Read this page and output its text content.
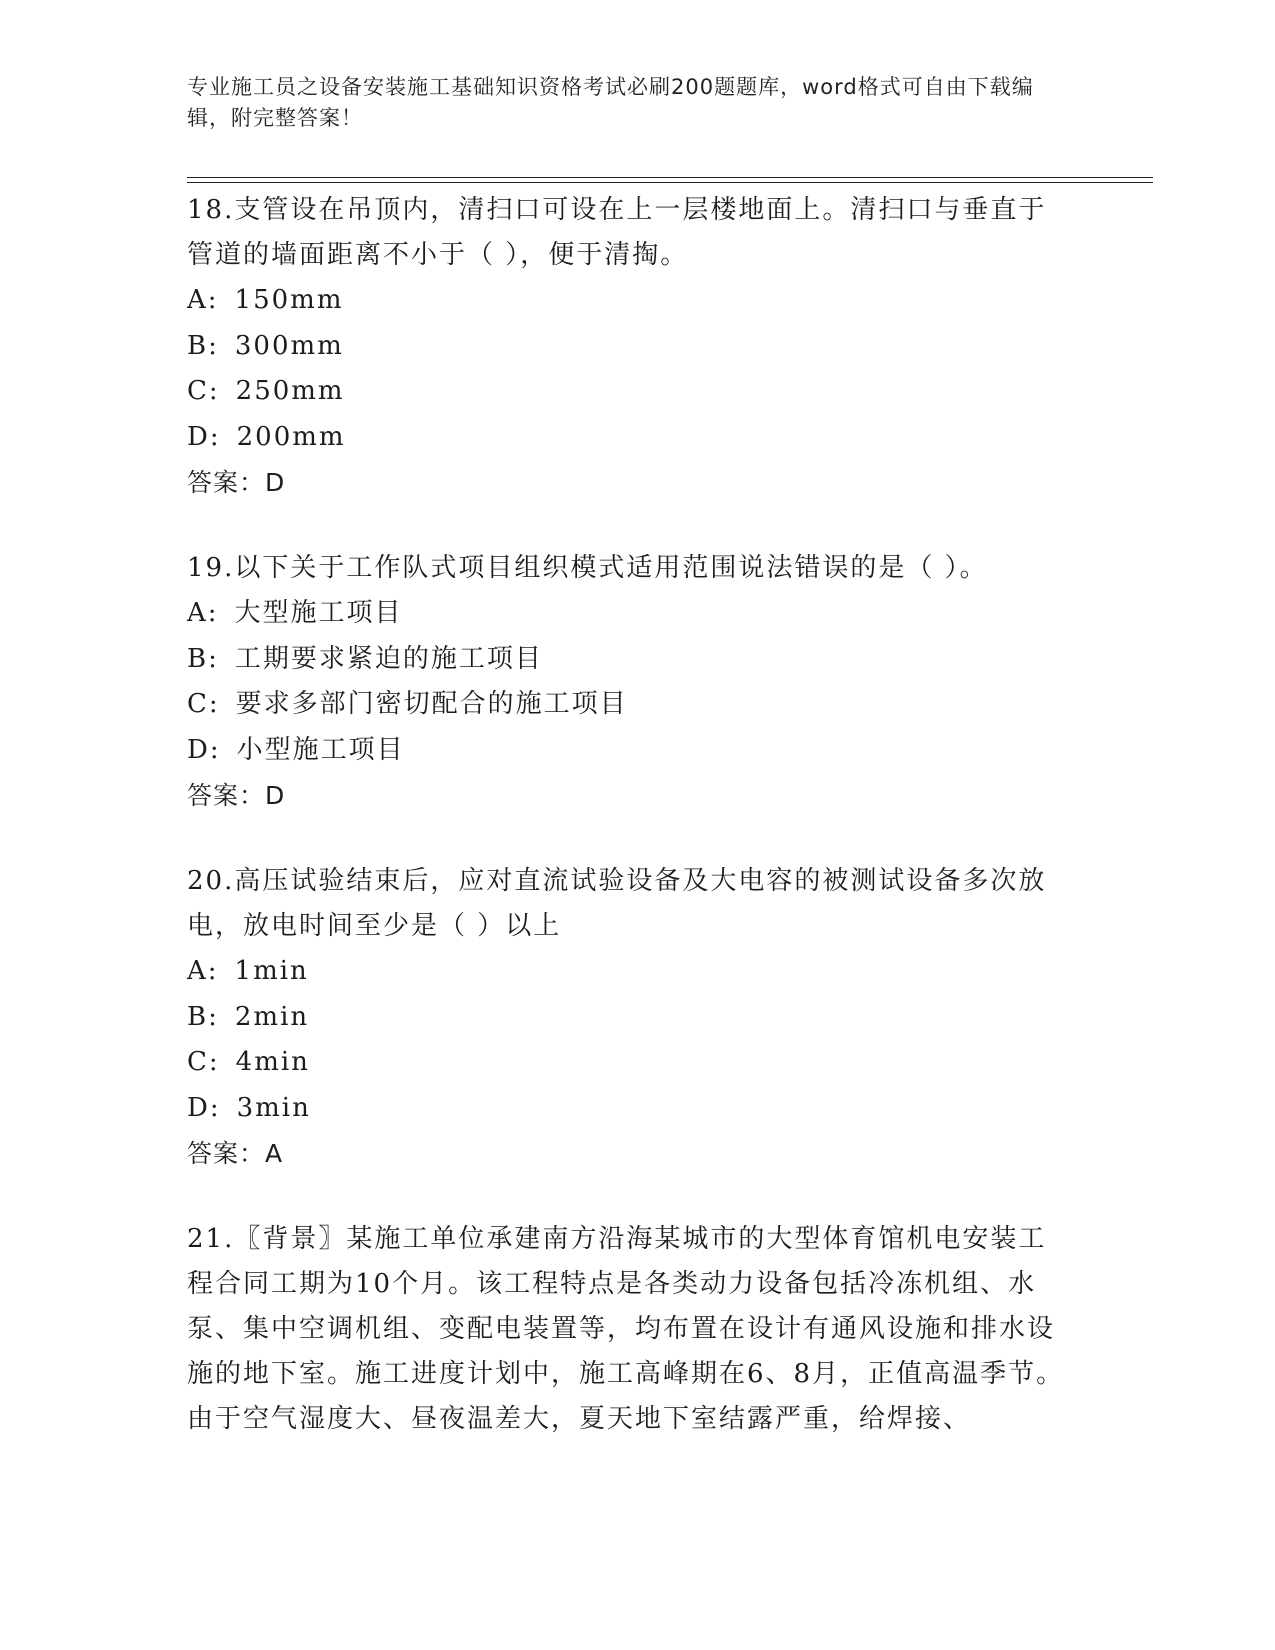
专业施工员之设备安装施工基础知识资格考试必刷200题题库，word格式可自由下载编辑，附完整答案！

18.支管设在吊顶内，清扫口可设在上一层楼地面上。清扫口与垂直于管道的墙面距离不小于（ ），便于清掏。

A: 150mm
B: 300mm
C: 250mm
D: 200mm
答案：D

19.以下关于工作队式项目组织模式适用范围说法错误的是（ ）。

A: 大型施工项目
B: 工期要求紧迫的施工项目
C: 要求多部门密切配合的施工项目
D: 小型施工项目
答案：D

20.高压试验结束后，应对直流试验设备及大电容的被测试设备多次放电，放电时间至少是（ ）以上

A: 1min
B: 2min
C: 4min
D: 3min
答案：A

21.〖背景〗某施工单位承建南方沿海某城市的大型体育馆机电安装工程合同工期为10个月。该工程特点是各类动力设备包括冷冻机组、水泵、集中空调机组、变配电装置等，均布置在设计有通风设施和排水设施的地下室。施工进度计划中，施工高峰期在6、8月，正值高温季节。由于空气湿度大、昼夜温差大，夏天地下室结露严重，给焊接、
